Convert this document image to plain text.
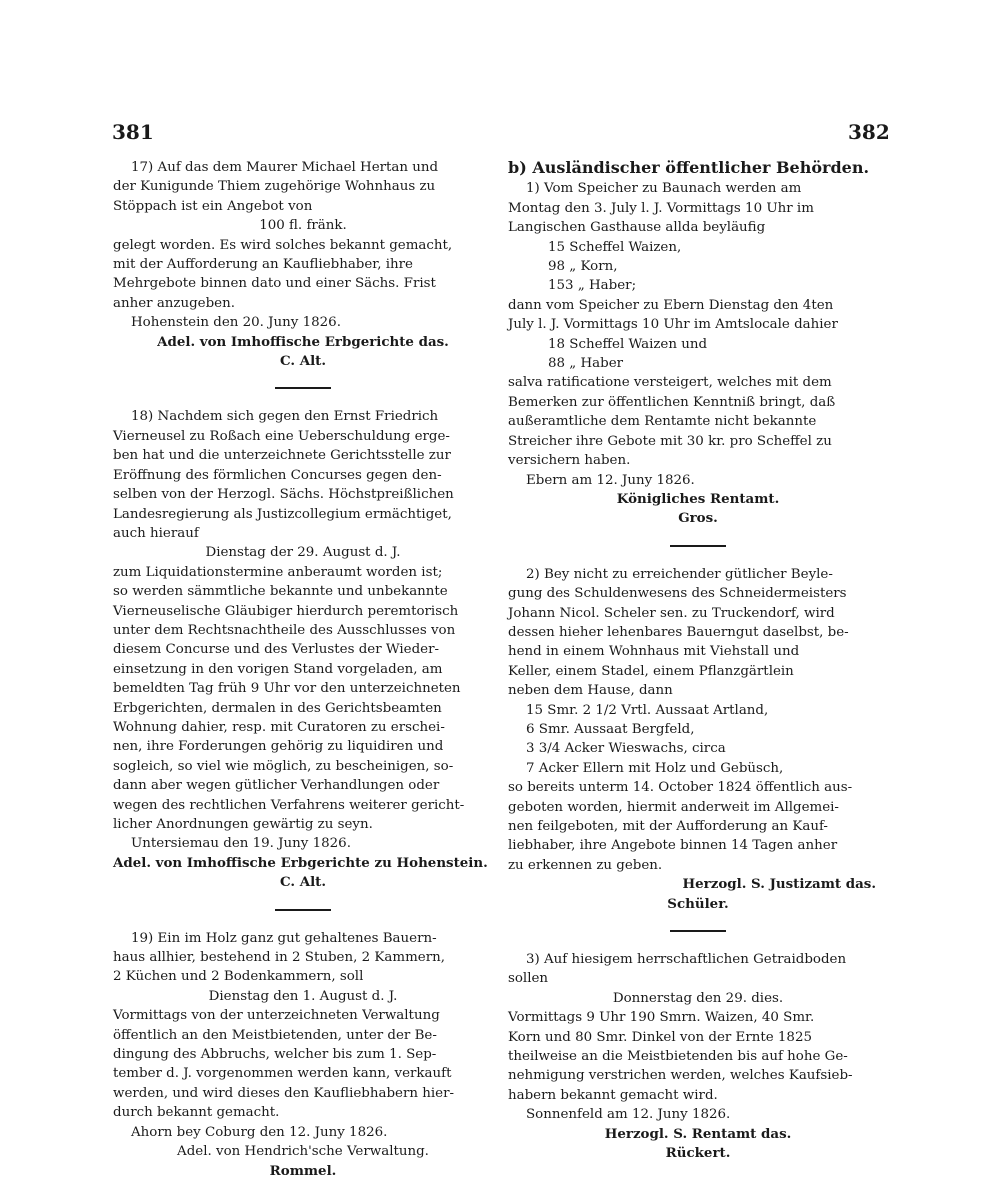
381	382

17) Auf das dem Maurer Michael Hertan und

der Kunigunde Thiem zugehörige Wohnhaus zu

Stöppach ist ein Angebot von

100 fl. fränk.

gelegt worden. Es wird solches bekannt gemacht,

mit der Aufforderung an Kaufliebhaber, ihre

Mehrgebote binnen dato und einer Sächs. Frist

anher anzugeben.

Hohenstein den 20. Juny 1826.

Adel. von Imhoffische Erbgerichte das.

C. Alt.

18) Nachdem sich gegen den Ernst Friedrich

Vierneusel zu Roßach eine Ueberschuldung erge-

ben hat und die unterzeichnete Gerichtsstelle zur

Eröffnung des förmlichen Concurses gegen den-

selben von der Herzogl. Sächs. Höchstpreißlichen

Landesregierung als Justizcollegium ermächtiget,

auch hierauf

Dienstag der 29. August d. J.

zum Liquidationstermine anberaumt worden ist;

so werden sämmtliche bekannte und unbekannte

Vierneuselische Gläubiger hierdurch peremtorisch

unter dem Rechtsnachtheile des Ausschlusses von

diesem Concurse und des Verlustes der Wieder-

einsetzung in den vorigen Stand vorgeladen, am

bemeldten Tag früh 9 Uhr vor den unterzeichneten

Erbgerichten, dermalen in des Gerichtsbeamten

Wohnung dahier, resp. mit Curatoren zu erschei-

nen, ihre Forderungen gehörig zu liquidiren und

sogleich, so viel wie möglich, zu bescheinigen, so-

dann aber wegen gütlicher Verhandlungen oder

wegen des rechtlichen Verfahrens weiterer gericht-

licher Anordnungen gewärtig zu seyn.

Untersiemau den 19. Juny 1826.

Adel. von Imhoffische Erbgerichte zu Hohenstein.

C. Alt.

19) Ein im Holz ganz gut gehaltenes Bauern-

haus allhier, bestehend in 2 Stuben, 2 Kammern,

2 Küchen und 2 Bodenkammern, soll

Dienstag den 1. August d. J.

Vormittags von der unterzeichneten Verwaltung

öffentlich an den Meistbietenden, unter der Be-

dingung des Abbruchs, welcher bis zum 1. Sep-

tember d. J. vorgenommen werden kann, verkauft

werden, und wird dieses den Kaufliebhabern hier-

durch bekannt gemacht.

Ahorn bey Coburg den 12. Juny 1826.

Adel. von Hendrich'sche Verwaltung.

Rommel.

b) Ausländischer öffentlicher Behörden.

1) Vom Speicher zu Baunach werden am

Montag den 3. July l. J. Vormittags 10 Uhr im

Langischen Gasthause allda beyläufig

15 Scheffel Waizen,

98 „ Korn,

153 „ Haber;

dann vom Speicher zu Ebern Dienstag den 4ten

July l. J. Vormittags 10 Uhr im Amtslocale dahier

18 Scheffel Waizen und

88 „ Haber

salva ratificatione versteigert, welches mit dem

Bemerken zur öffentlichen Kenntniß bringt, daß

außeramtliche dem Rentamte nicht bekannte

Streicher ihre Gebote mit 30 kr. pro Scheffel zu

versichern haben.

Ebern am 12. Juny 1826.

Königliches Rentamt.

Gros.

2) Bey nicht zu erreichender gütlicher Beyle-

gung des Schuldenwesens des Schneidermeisters

Johann Nicol. Scheler sen. zu Truckendorf, wird

dessen hieher lehenbares Bauerngut daselbst, be-

hend in einem Wohnhaus mit Viehstall und

Keller, einem Stadel, einem Pflanzgärtlein

neben dem Hause, dann

15 Smr. 2 1/2 Vrtl. Aussaat Artland,

6 Smr. Aussaat Bergfeld,

3 3/4 Acker Wieswachs, circa

7 Acker Ellern mit Holz und Gebüsch,

so bereits unterm 14. October 1824 öffentlich aus-

geboten worden, hiermit anderweit im Allgemei-

nen feilgeboten, mit der Aufforderung an Kauf-

liebhaber, ihre Angebote binnen 14 Tagen anher

zu erkennen zu geben.

Herzogl. S. Justizamt das.

Schüler.

3) Auf hiesigem herrschaftlichen Getraidboden

sollen

Donnerstag den 29. dies.

Vormittags 9 Uhr 190 Smrn. Waizen, 40 Smr.

Korn und 80 Smr. Dinkel von der Ernte 1825

theilweise an die Meistbietenden bis auf hohe Ge-

nehmigung verstrichen werden, welches Kaufsieb-

habern bekannt gemacht wird.

Sonnenfeld am 12. Juny 1826.

Herzogl. S. Rentamt das.

Rückert.
